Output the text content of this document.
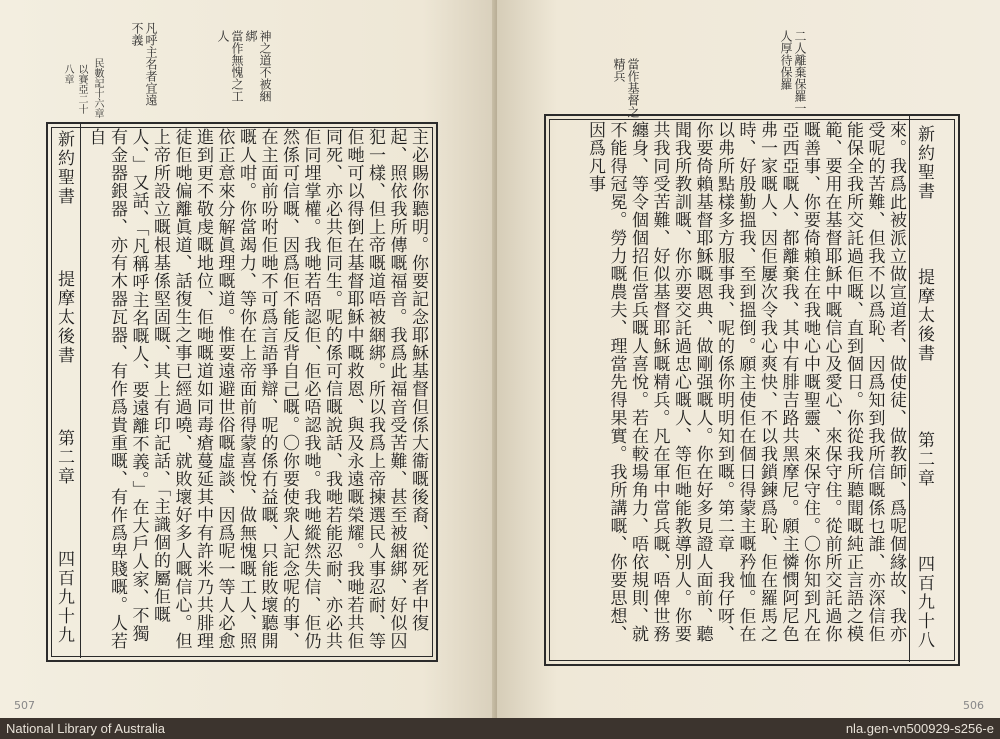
神之道不被綑綁
當作無愧之工人
凡呼主名者宜遠不義
民數記十六章
以賽亞二十八章
新約聖書
提摩太後書
第二章
四百九十九	主必賜你聽明。你要記念耶穌基督但係大衞嘅後裔、從死者中復起、照依我所傳嘅福音。我爲此福音受苦難、甚至被綑綁、好似囚犯一樣、但上帝嘅道唔被綑綁。所以我爲上帝揀選民人事忍耐、等佢哋可以得倒在基督耶穌中嘅救恩、與及永遠嘅榮耀。我哋若共佢同死、亦必共佢同生。呢的係可信嘅說話、我哋若能忍耐、亦必共佢同埋掌權。我哋若唔認佢、佢必唔認我哋。我哋縱然失信、佢仍然係可信嘅、因爲佢不能反背自己嘅。〇你要使衆人記念呢的事、在主面前吩咐佢哋不可爲言語爭辯、呢的係冇益嘅、只能敗壞聽開嘅人咁。你當竭力、等你在上帝面前得蒙喜悅、做無愧嘅工人、照依正意來分解眞理嘅道。惟要遠避世俗嘅虛談、因爲呢一等人必愈進到更不敬虔嘅地位、佢哋嘅道如同毒瘡蔓延其中有許米乃共腓理徒佢哋偏離眞道、話復生之事已經過嘵、就敗壞好多人嘅信心。但上帝所設立嘅根基係堅固嘅、其上有印記話、「主識個的屬佢嘅人、」又話、「凡稱呼主名嘅人、要遠離不義。」在大戶人家、不獨有金器銀器、亦有木器瓦器、有作爲貴重嘅、有作爲卑賤嘅。人若自

507
當作基督之精兵	二人離棄保羅一人厚待保羅
新約聖書
提摩太後書
第二章
四百九十八

來。我爲此被派立做宣道者、做使徒、做教師、爲呢個緣故、我亦受呢的苦難、但我不以爲恥、因爲知到我所信嘅係乜誰、亦深信佢能保全我所交託過佢嘅、直到個日。你從我所聽聞嘅純正言語之模範、要用在基督耶穌中嘅信心及愛心、來保守住。從前所交託過你嘅善事、你要倚賴住在我哋心中嘅聖靈、來保守住。〇你知到凡在亞西亞嘅人、都離棄我、其中有腓吉路共黑摩尼。願主憐憫阿尼色弗一家嘅人、因佢屢次令我心爽快、不以我鎖鍊爲恥、佢在羅馬之時、好殷勤搵我、至到搵倒。願主使佢在個日得蒙主嘅矜恤。佢在以弗所點樣多方服事我、呢的係你明明知到嘅。第二章　我仔呀、你要倚賴基督耶穌嘅恩典、做剛强嘅人。你在好多見證人面前、聽聞我所教訓嘅、你亦要交託過忠心嘅人、等佢哋能教導別人。你要共我同受苦難、好似基督耶穌嘅精兵。凡在軍中當兵嘅、唔俾世務纏身、等令個個招佢當兵嘅人喜悅。若在較場角力、唔依規則、就不能得冠冕。勞力嘅農夫、理當先得果實。我所講嘅、你要思想、因爲凡事

506
National Library of Australia	nla.gen-vn500929-s256-e
